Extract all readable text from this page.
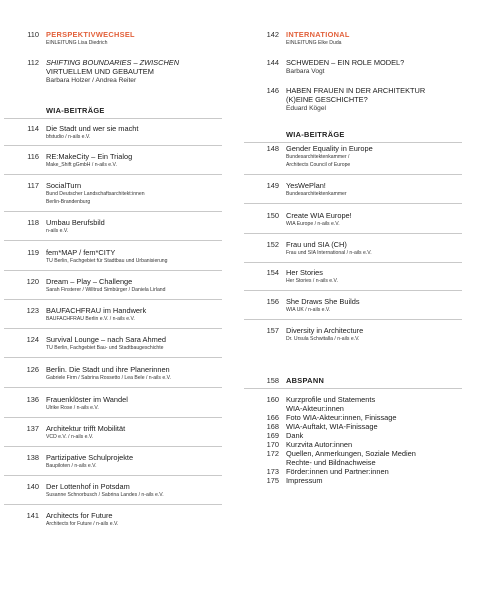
110 PERSPEKTIVWECHSEL
EINLEITUNG Lisa Diedrich
112 SHIFTING BOUNDARIES – ZWISCHEN
VIRTUELLEM UND GEBAUTEM
Barbara Holzer / Andrea Reiter
WIA-BEITRÄGE
114 Die Stadt und wer sie macht
bfstudio / n-ails e.V.
116 RE:MakeCity – Ein Trialog
Make_Shift gGmbH / n-ails e.V.
117 SocialTurn
Bund Deutscher Landschaftsarchitekt:innen
Berlin-Brandenburg
118 Umbau Berufsbild
n-ails e.V.
119 fem*MAP / fem*CITY
TU Berlin, Fachgebiet für Stadtbau und Urbanisierung
120 Dream – Play – Challenge
Sarah Finsterer / Willtrud Simbürger / Daniela Lirland
123 BAUFACHFRAU im Handwerk
BAUFACHFRAU Berlin e.V. / n-ails e.V.
124 Survival Lounge – nach Sara Ahmed
TU Berlin, Fachgebiet Bau- und Stadtbaugeschichte
126 Berlin. Die Stadt und ihre Planerinnen
Gabriele Firm / Sabrina Rossetto / Lea Bele / n-ails e.V.
136 Frauenklöster im Wandel
Ulrike Rose / n-ails e.V.
137 Architektur trifft Mobilität
VCD e.V. / n-ails e.V.
138 Partizipative Schulprojekte
Baupiloten / n-ails e.V.
140 Der Lottenhof in Potsdam
Susanne Schnorbusch / Sabrina Landes / n-ails e.V.
141 Architects for Future
Architects for Future / n-ails e.V.
142 INTERNATIONAL
EINLEITUNG Elke Duda
144 SCHWEDEN – EIN ROLE MODEL?
Barbara Vogt
146 HABEN FRAUEN IN DER ARCHITEKTUR
(K)EINE GESCHICHTE?
Eduard Kögel
WIA-BEITRÄGE
148 Gender Equality in Europe
Bundesarchitektenkammer /
Architects Council of Europe
149 YesWePlan!
Bundesarchitektenkammer
150 Create WIA Europe!
WIA Europe / n-ails e.V.
152 Frau und SIA (CH)
Frau und SIA International / n-ails e.V.
154 Her Stories
Her Stories / n-ails e.V.
156 She Draws She Builds
WIA UK / n-ails e.V.
157 Diversity in Architecture
Dr. Ursula Schwitalla / n-ails e.V.
158 ABSPANN
160 Kurzprofile und Statements
WIA-Akteur:innen
166 Foto WIA-Akteur:innen, Finissage
168 WIA-Auftakt, WIA-Finissage
169 Dank
170 Kurzvita Autor:innen
172 Quellen, Anmerkungen, Soziale Medien
Rechte- und Bildnachweise
173 Förder:innen und Partner:innen
175 Impressum
